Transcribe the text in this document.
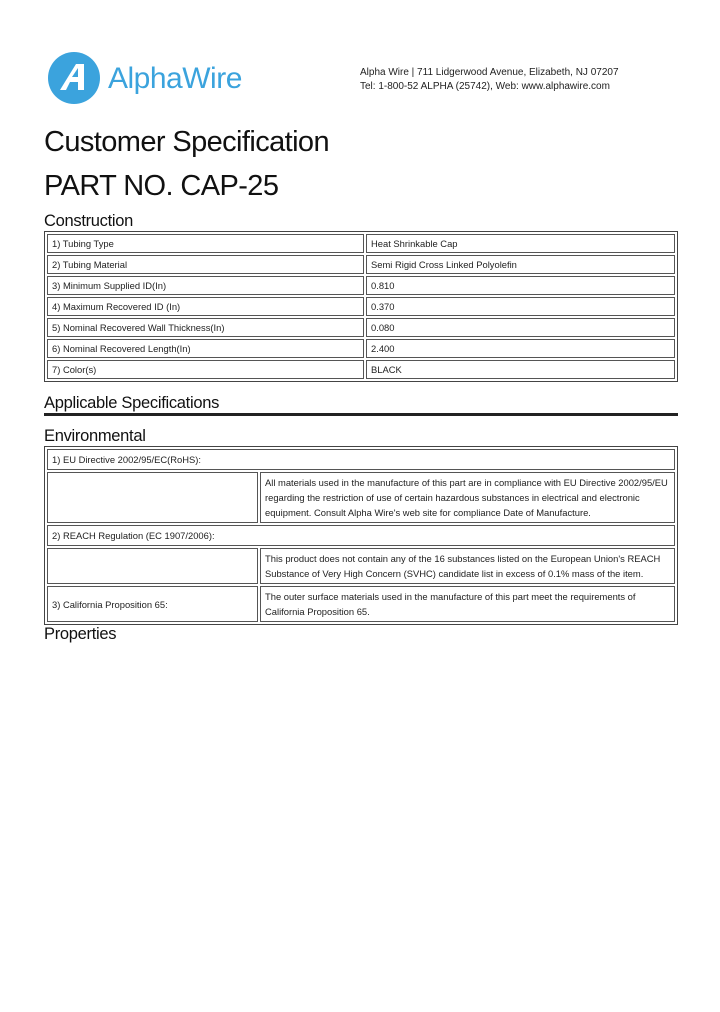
AlphaWire	Alpha Wire | 711 Lidgerwood Avenue, Elizabeth, NJ 07207
Tel: 1-800-52 ALPHA (25742), Web: www.alphawire.com
Customer Specification
PART NO. CAP-25
Construction
1) Tubing Type	Heat Shrinkable Cap
2) Tubing Material	Semi Rigid Cross Linked Polyolefin
3) Minimum Supplied ID(In)	0.810
4) Maximum Recovered ID (In)	0.370
5) Nominal Recovered Wall Thickness(In)	0.080
6) Nominal Recovered Length(In)	2.400
7) Color(s)	BLACK
Applicable Specifications
Environmental
1) EU Directive 2002/95/EC(RoHS):	
	All materials used in the manufacture of this part are in compliance with EU Directive 2002/95/EU regarding the restriction of use of certain hazardous substances in electrical and electronic equipment. Consult Alpha Wire's web site for compliance Date of Manufacture.
2) REACH Regulation (EC 1907/2006):	
	This product does not contain any of the 16 substances listed on the European Union's REACH Substance of Very High Concern (SVHC) candidate list in excess of 0.1% mass of the item.
3) California Proposition 65:	The outer surface materials used in the manufacture of this part meet the requirements of California Proposition 65.
Properties
